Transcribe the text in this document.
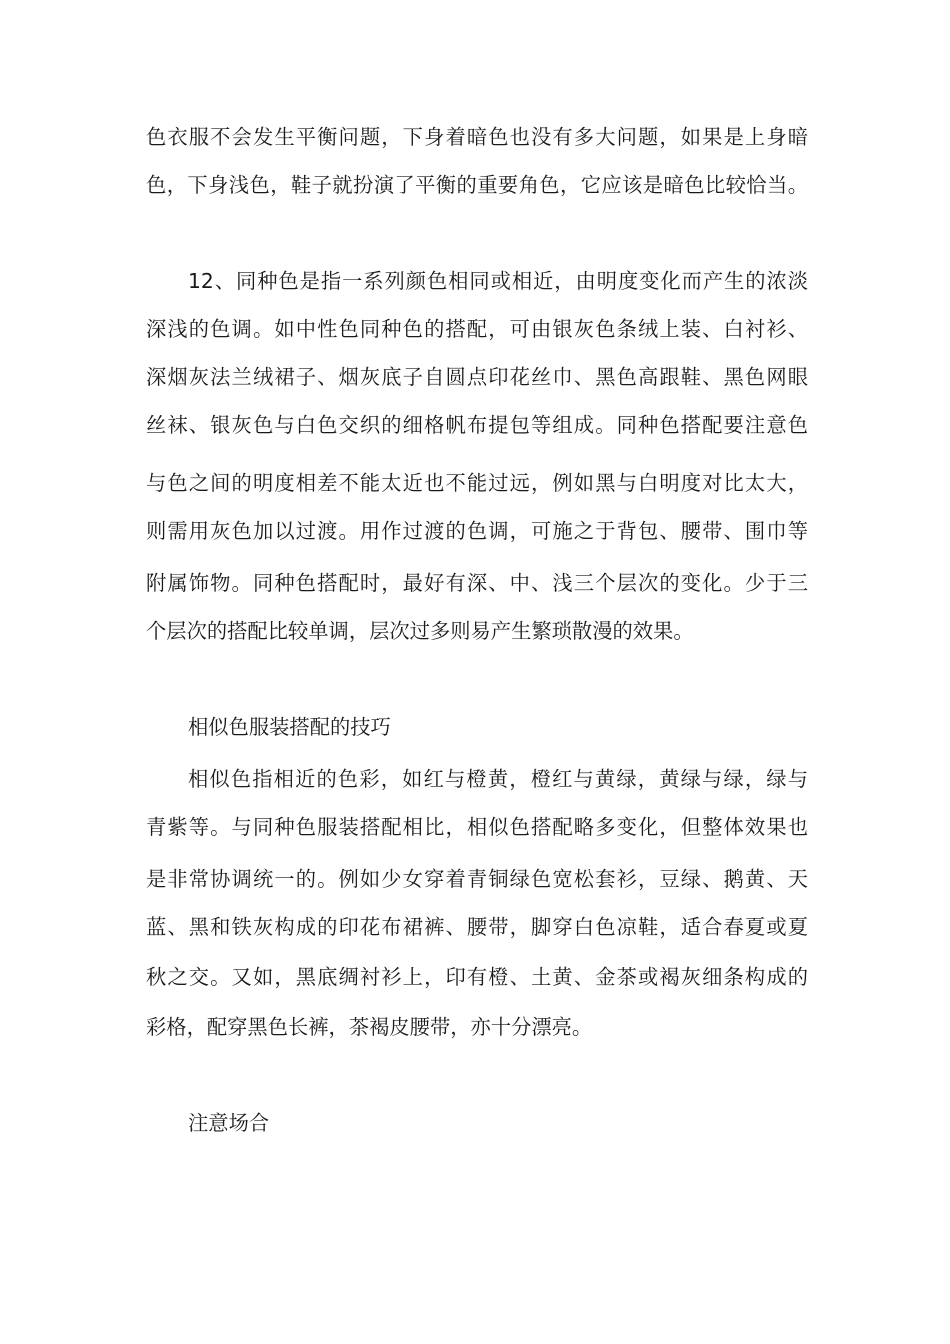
色衣服不会发生平衡问题，下身着暗色也没有多大问题，如果是上身暗
色，下身浅色，鞋子就扮演了平衡的重要角色，它应该是暗色比较恰当。
12、同种色是指一系列颜色相同或相近，由明度变化而产生的浓淡
深浅的色调。如中性色同种色的搭配，可由银灰色条绒上装、白衬衫、
深烟灰法兰绒裙子、烟灰底子自圆点印花丝巾、黑色高跟鞋、黑色网眼
丝袜、银灰色与白色交织的细格帆布提包等组成。同种色搭配要注意色
与色之间的明度相差不能太近也不能过远，例如黑与白明度对比太大，
则需用灰色加以过渡。用作过渡的色调，可施之于背包、腰带、围巾等
附属饰物。同种色搭配时，最好有深、中、浅三个层次的变化。少于三
个层次的搭配比较单调，层次过多则易产生繁琐散漫的效果。
相似色服装搭配的技巧
相似色指相近的色彩，如红与橙黄，橙红与黄绿，黄绿与绿，绿与
青紫等。与同种色服装搭配相比，相似色搭配略多变化，但整体效果也
是非常协调统一的。例如少女穿着青铜绿色宽松套衫，豆绿、鹅黄、天
蓝、黑和铁灰构成的印花布裙裤、腰带，脚穿白色凉鞋，适合春夏或夏
秋之交。又如，黑底绸衬衫上，印有橙、土黄、金茶或褐灰细条构成的
彩格，配穿黑色长裤，茶褐皮腰带，亦十分漂亮。
注意场合
